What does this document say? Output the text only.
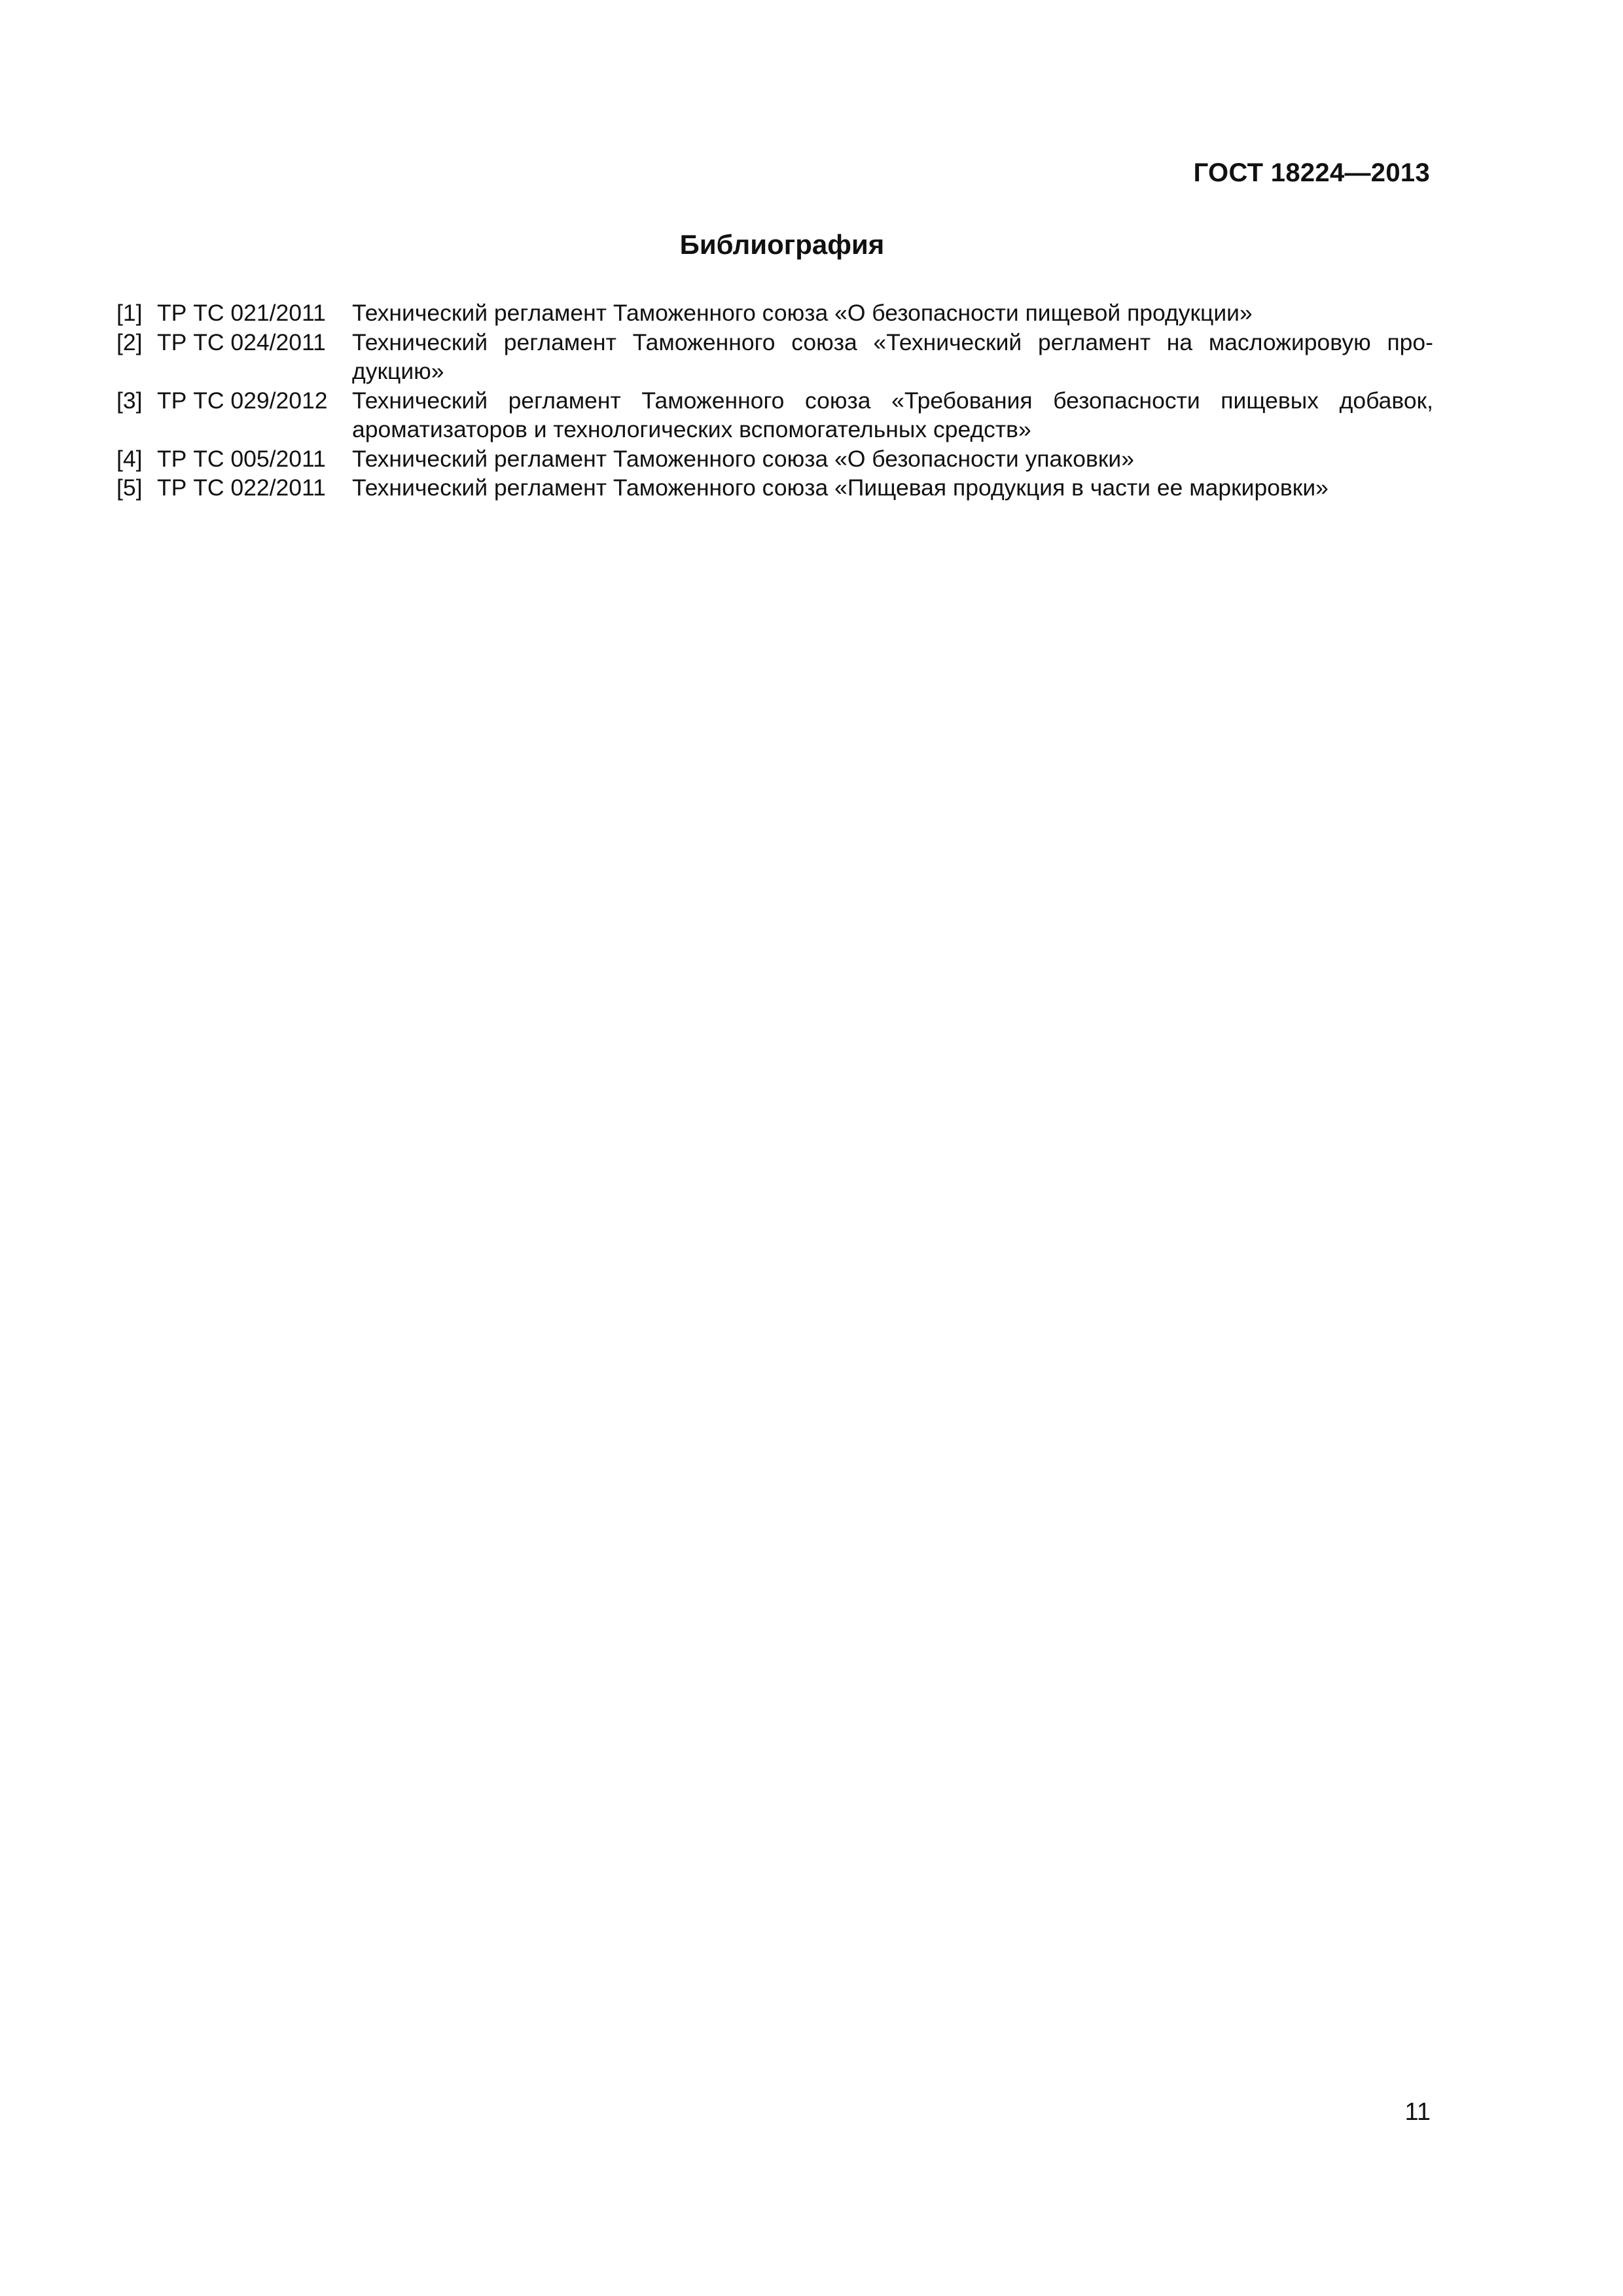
ГОСТ 18224—2013
Библиография
[1] ТР ТС 021/2011	Технический регламент Таможенного союза «О безопасности пищевой продукции»
[2] ТР ТС 024/2011	Технический регламент Таможенного союза «Технический регламент на масложировую продукцию»
[3] ТР ТС 029/2012	Технический регламент Таможенного союза «Требования безопасности пищевых добавок, ароматизаторов и технологических вспомогательных средств»
[4] ТР ТС 005/2011	Технический регламент Таможенного союза «О безопасности упаковки»
[5] ТР ТС 022/2011	Технический регламент Таможенного союза «Пищевая продукция в части ее маркировки»
11
